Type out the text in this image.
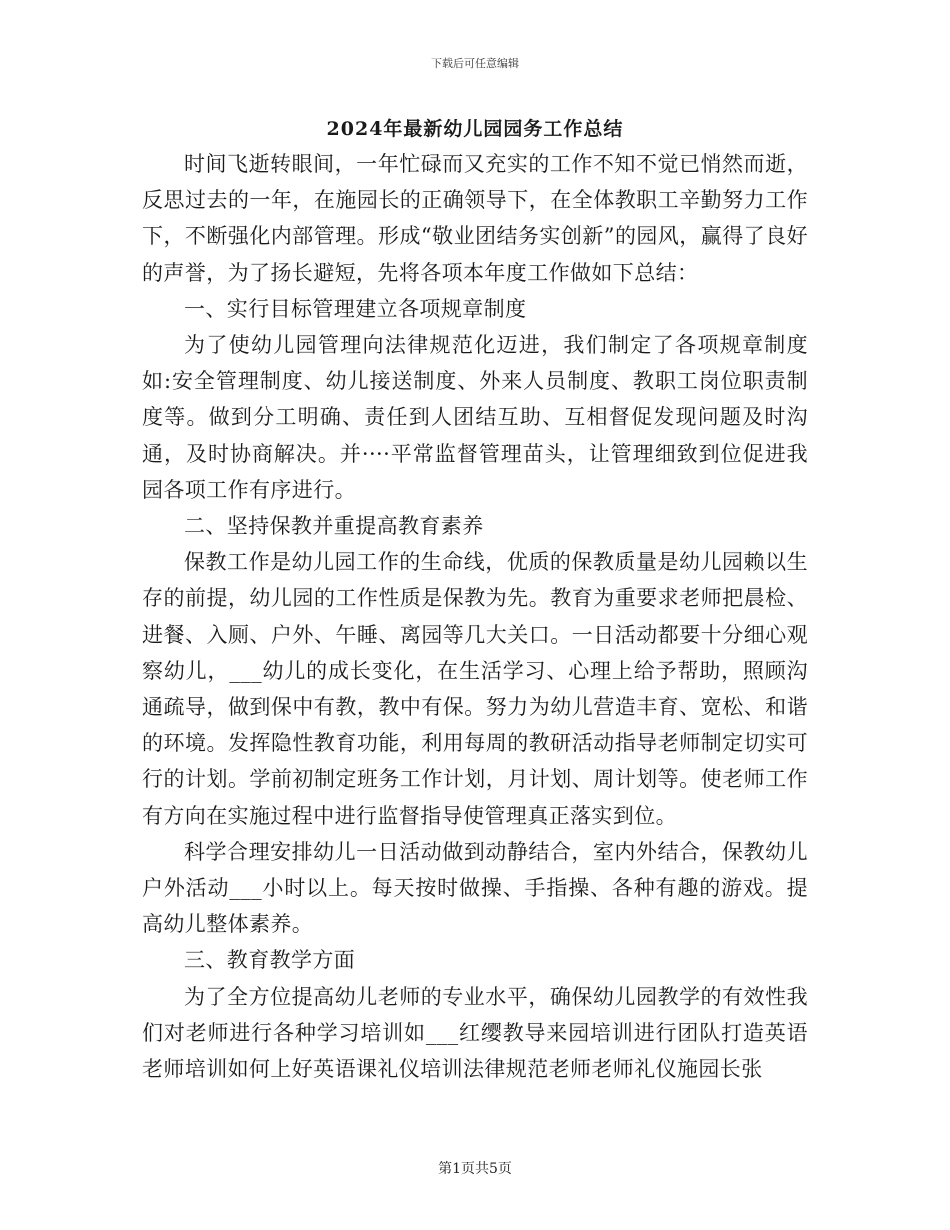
下载后可任意编辑
2024年最新幼儿园园务工作总结

时间飞逝转眼间，一年忙碌而又充实的工作不知不觉已悄然而逝，反思过去的一年，在施园长的正确领导下，在全体教职工辛勤努力工作下，不断强化内部管理。形成“敬业团结务实创新”的园风，赢得了良好的声誉，为了扬长避短，先将各项本年度工作做如下总结：

一、实行目标管理建立各项规章制度

为了使幼儿园管理向法律规范化迈进，我们制定了各项规章制度如:安全管理制度、幼儿接送制度、外来人员制度、教职工岗位职责制度等。做到分工明确、责任到人团结互助、互相督促发现问题及时沟通，及时协商解决。并····平常监督管理苗头，让管理细致到位促进我园各项工作有序进行。

二、坚持保教并重提高教育素养

保教工作是幼儿园工作的生命线，优质的保教质量是幼儿园赖以生存的前提，幼儿园的工作性质是保教为先。教育为重要求老师把晨检、进餐、入厕、户外、午睡、离园等几大关口。一日活动都要十分细心观察幼儿，___幼儿的成长变化，在生活学习、心理上给予帮助，照顾沟通疏导，做到保中有教，教中有保。努力为幼儿营造丰育、宽松、和谐的环境。发挥隐性教育功能，利用每周的教研活动指导老师制定切实可行的计划。学前初制定班务工作计划，月计划、周计划等。使老师工作有方向在实施过程中进行监督指导使管理真正落实到位。

科学合理安排幼儿一日活动做到动静结合，室内外结合，保教幼儿户外活动___小时以上。每天按时做操、手指操、各种有趣的游戏。提高幼儿整体素养。

三、教育教学方面

为了全方位提高幼儿老师的专业水平，确保幼儿园教学的有效性我们对老师进行各种学习培训如___红缨教导来园培训进行团队打造英语老师培训如何上好英语课礼仪培训法律规范老师老师礼仪施园长张

第1页共5页
